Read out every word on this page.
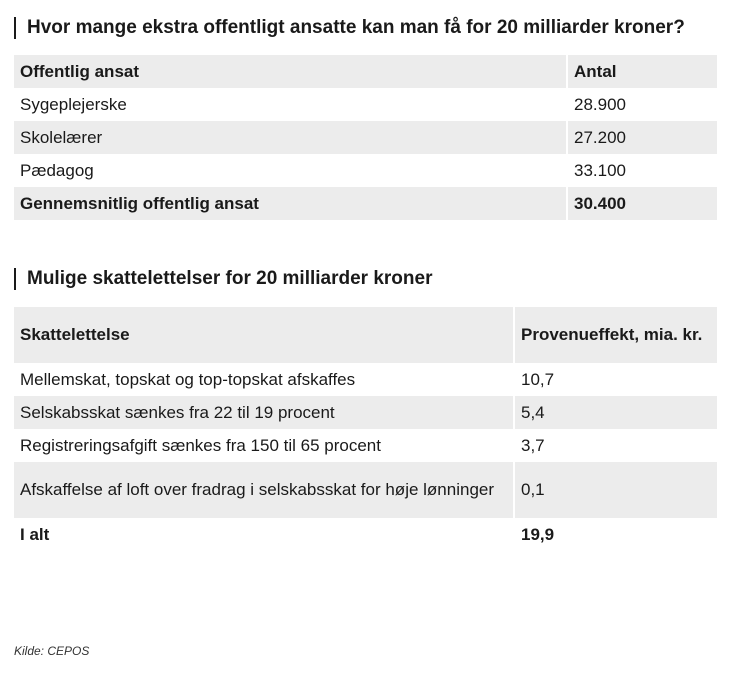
Hvor mange ekstra offentligt ansatte kan man få for 20 milliarder kroner?
Offentlig ansat	Antal
Sygeplejerske	28.900
Skolelærer	27.200
Pædagog	33.100
Gennemsnitlig offentlig ansat	30.400
Mulige skattelettelser for 20 milliarder kroner
Skattelettelse	Provenueffekt, mia. kr.
Mellemskat, topskat og top-topskat afskaffes	10,7
Selskabsskat sænkes fra 22 til 19 procent	5,4
Registreringsafgift sænkes fra 150 til 65 procent	3,7
Afskaffelse af loft over fradrag i selskabsskat for høje lønninger	0,1
I alt	19,9
Kilde: CEPOS
